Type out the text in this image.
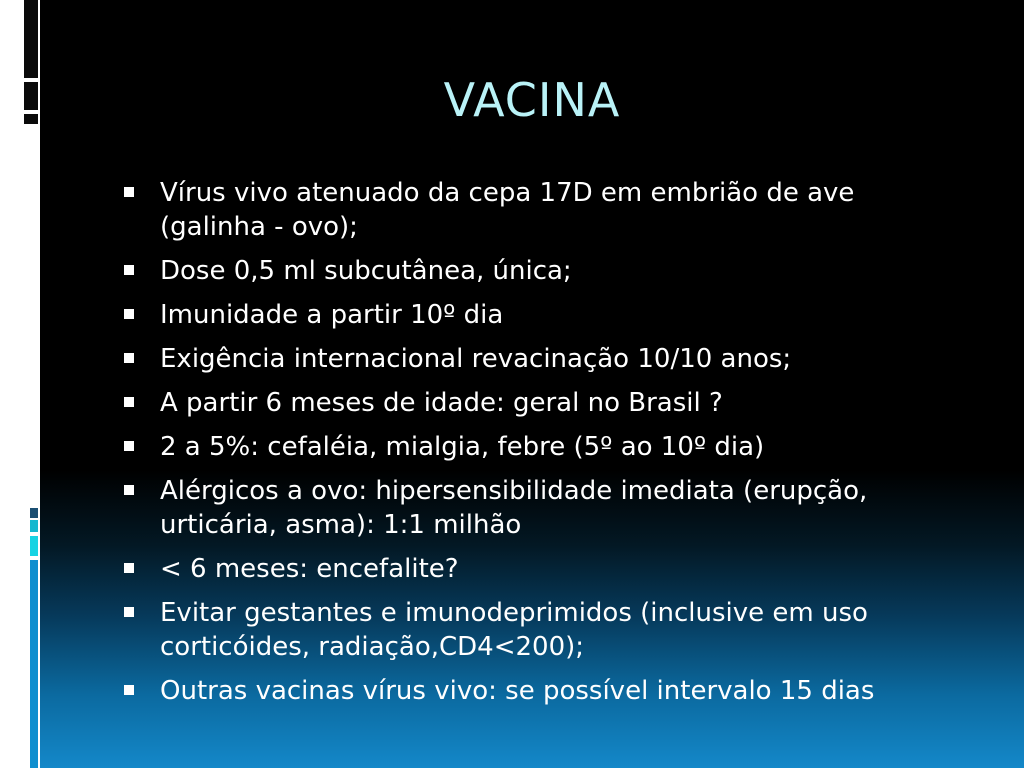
VACINA
Vírus vivo atenuado da cepa 17D em embrião de ave (galinha - ovo);
Dose 0,5 ml subcutânea, única;
Imunidade a partir 10º dia
Exigência internacional revacinação 10/10 anos;
A partir 6 meses de idade: geral no Brasil ?
2 a 5%: cefaléia, mialgia, febre (5º ao 10º dia)
Alérgicos a ovo: hipersensibilidade imediata (erupção, urticária, asma): 1:1 milhão
< 6 meses: encefalite?
Evitar gestantes e imunodeprimidos (inclusive em uso corticóides, radiação,CD4<200);
Outras vacinas vírus vivo: se possível intervalo 15 dias
